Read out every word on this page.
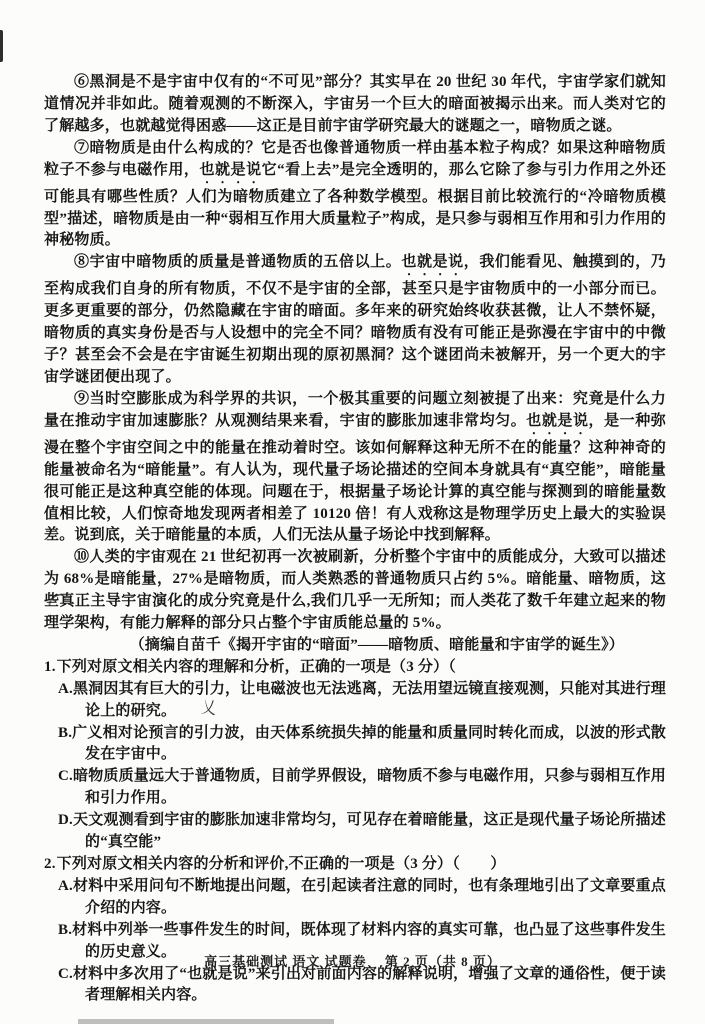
⑥黑洞是不是宇宙中仅有的“不可见”部分？其实早在 20 世纪 30 年代，宇宙学家们就知道情况并非如此。随着观测的不断深入，宇宙另一个巨大的暗面被揭示出来。而人类对它的了解越多，也就越觉得困惑——这正是目前宇宙学研究最大的谜题之一，暗物质之谜。

⑦暗物质是由什么构成的？它是否也像普通物质一样由基本粒子构成？如果这种暗物质粒子不参与电磁作用，也就是说它“看上去”是完全透明的，那么它除了参与引力作用之外还可能具有哪些性质？人们为暗物质建立了各种数学模型。根据目前比较流行的“冷暗物质模型”描述，暗物质是由一种“弱相互作用大质量粒子”构成，是只参与弱相互作用和引力作用的神秘物质。

⑧宇宙中暗物质的质量是普通物质的五倍以上。也就是说，我们能看见、触摸到的，乃至构成我们自身的所有物质，不仅不是宇宙的全部，甚至只是宇宙物质中的一小部分而已。更多更重要的部分，仍然隐藏在宇宙的暗面。多年来的研究始终收获甚微，让人不禁怀疑，暗物质的真实身份是否与人设想中的完全不同？暗物质有没有可能正是弥漫在宇宙中的中微子？甚至会不会是在宇宙诞生初期出现的原初黑洞？这个谜团尚未被解开，另一个更大的宇宙学谜团便出现了。

⑨当时空膨胀成为科学界的共识，一个极其重要的问题立刻被提了出来：究竟是什么力量在推动宇宙加速膨胀？从观测结果来看，宇宙的膨胀加速非常均匀。也就是说，是一种弥漫在整个宇宙空间之中的能量在推动着时空。该如何解释这种无所不在的能量？这种神奇的能量被命名为“暗能量”。有人认为，现代量子场论描述的空间本身就具有“真空能”，暗能量很可能正是这种真空能的体现。问题在于，根据量子场论计算的真空能与探测到的暗能量数值相比较，人们惊奇地发现两者相差了 10120 倍！有人戏称这是物理学历史上最大的实验误差。说到底，关于暗能量的本质，人们无法从量子场论中找到解释。

⑩人类的宇宙观在 21 世纪初再一次被刷新，分析整个宇宙中的质能成分，大致可以描述为 68%是暗能量，27%是暗物质，而人类熟悉的普通物质只占约 5%。暗能量、暗物质，这些真正主导宇宙演化的成分究竟是什么,我们几乎一无所知；而人类花了数千年建立起来的物理学架构，有能力解释的部分只占整个宇宙质能总量的 5%。

（摘编自苗千《揭开宇宙的“暗面”——暗物质、暗能量和宇宙学的诞生》）

1.下列对原文相关内容的理解和分析，正确的一项是（3 分）（

A.黑洞因其有巨大的引力，让电磁波也无法逃离，无法用望远镜直接观测，只能对其进行理论上的研究。 乂

B.广义相对论预言的引力波，由天体系统损失掉的能量和质量同时转化而成，以波的形式散发在宇宙中。

C.暗物质质量远大于普通物质，目前学界假设，暗物质不参与电磁作用，只参与弱相互作用和引力作用。

D.天文观测看到宇宙的膨胀加速非常均匀，可见存在着暗能量，这正是现代量子场论所描述的“真空能”

2.下列对原文相关内容的分析和评价,不正确的一项是（3 分）（　　）

A.材料中采用问句不断地提出问题，在引起读者注意的同时，也有条理地引出了文章要重点介绍的内容。

B.材料中列举一些事件发生的时间，既体现了材料内容的真实可靠，也凸显了这些事件发生的历史意义。

C.材料中多次用了“也就是说”来引出对前面内容的解释说明，增强了文章的通俗性，便于读者理解相关内容。

高三基础测试 语文 试题卷　 第 2 页（共 8 页）
